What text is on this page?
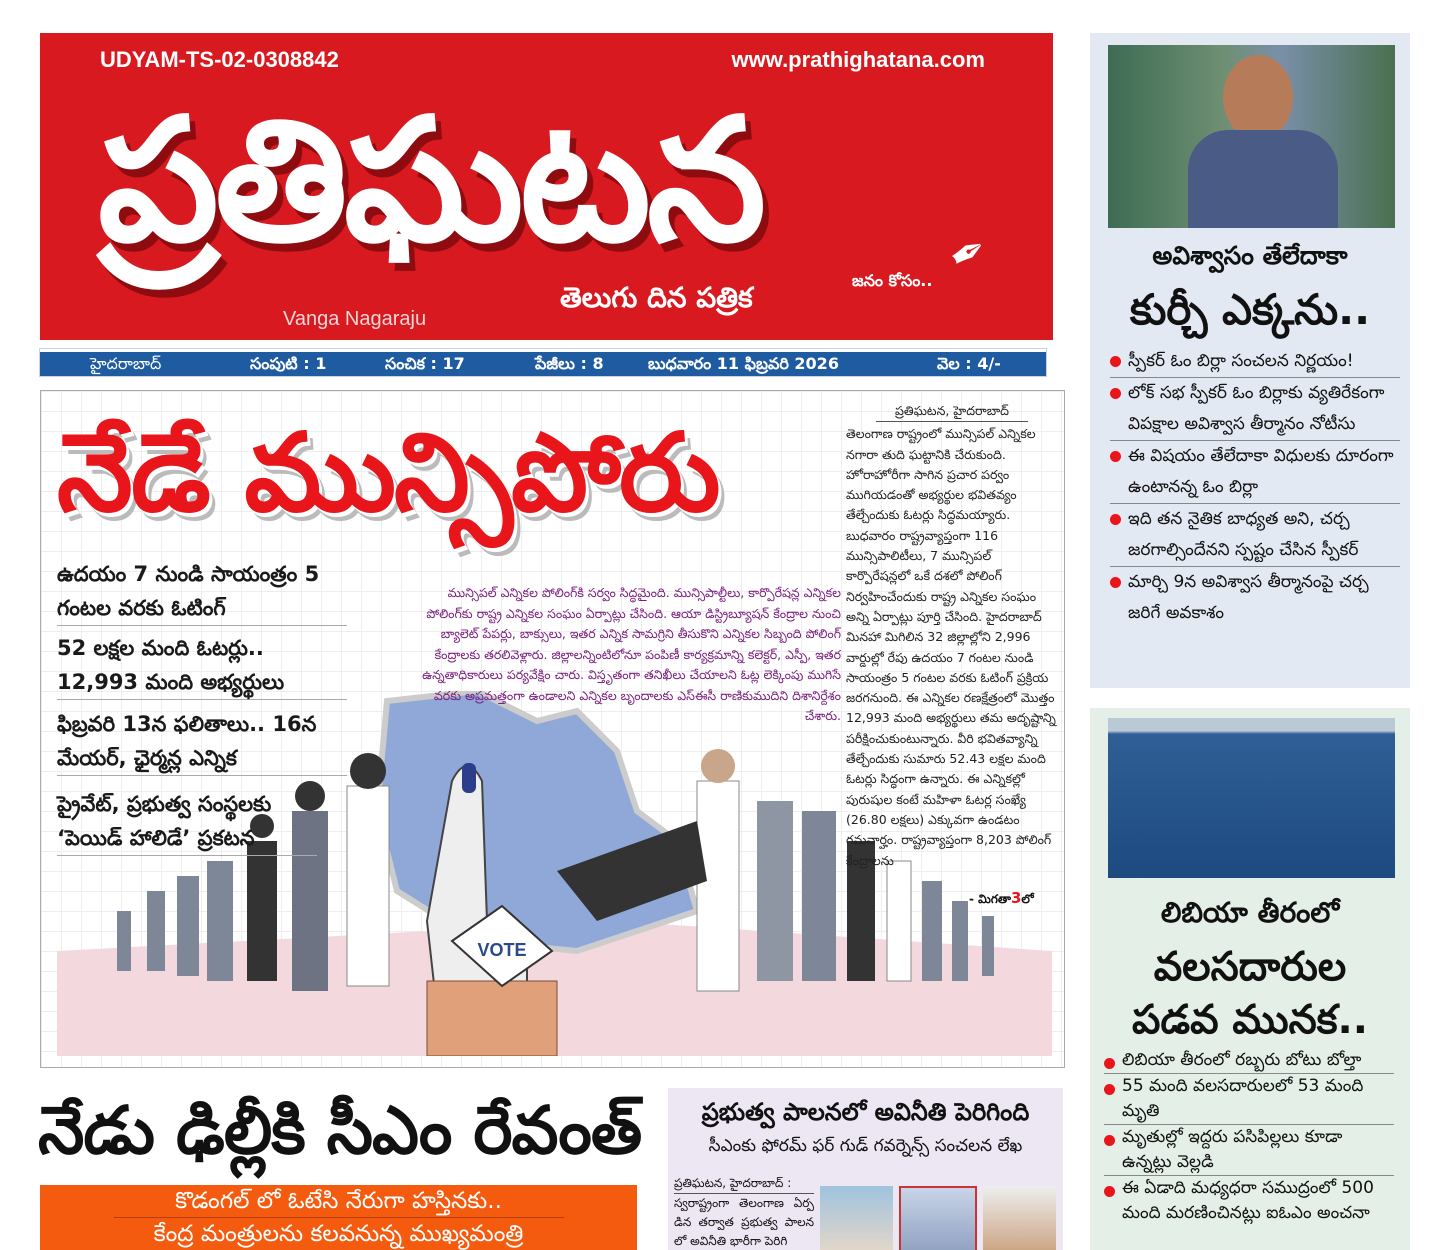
UDYAM-TS-02-0308842	www.prathighatana.com
ప్రతిఘటన
తెలుగు దిన పత్రిక
జనం కోసం.. ✒
Vanga Nagaraju
హైదరాబాద్	సంపుటి : 1	సంచిక : 17	పేజీలు : 8	బుధవారం 11 ఫిబ్రవరి 2026	వెల : 4/-
VOTE
నేడే మున్సిపోరు
ఉదయం 7 నుండి సాయంత్రం 5 గంటల వరకు ఓటింగ్
52 లక్షల మంది ఓటర్లు.. 12,993 మంది అభ్యర్థులు
ఫిబ్రవరి 13న ఫలితాలు.. 16న మేయర్, ఛైర్మన్ల ఎన్నిక
ప్రైవేట్, ప్రభుత్వ సంస్థలకు ‘పెయిడ్ హాలిడే’ ప్రకటన
మున్సిపల్ ఎన్నికల పోలింగ్‌కి సర్వం సిద్ధమైంది. మున్సిపాల్టీలు, కార్పొరేషన్ల ఎన్నికల పోలింగ్‌కు రాష్ట్ర ఎన్నికల సంఘం ఏర్పాట్లు చేసింది. ఆయా డిస్ట్రిబ్యూషన్ కేంద్రాల నుంచి బ్యాలెట్ పేపర్లు, బాక్సులు, ఇతర ఎన్నిక సామగ్రిని తీసుకొని ఎన్నికల సిబ్బంది పోలింగ్ కేంద్రాలకు తరలివెళ్లారు. జిల్లాలన్నింటిలోనూ పంపిణీ కార్యక్రమాన్ని కలెక్టర్, ఎస్పీ, ఇతర ఉన్నతాధికారులు పర్యవేక్షిం చారు. విస్తృతంగా తనిఖీలు చేయాలని ఓట్ల లెక్కింపు ముగిసే వరకు అప్రమత్తంగా ఉండాలని ఎన్నికల బృందాలకు ఎస్ఈసీ రాణికుముదిని దిశానిర్దేశం చేశారు.
ప్రతిఘటన, హైదరాబాద్
తెలంగాణ రాష్ట్రంలో మున్సిపల్ ఎన్నికల నగారా తుది ఘట్టానికి చేరుకుంది. హోరాహోరీగా సాగిన ప్రచార పర్వం ముగియడంతో అభ్యర్థుల భవితవ్యం తేల్చేందుకు ఓటర్లు సిద్ధమయ్యారు. బుధవారం రాష్ట్రవ్యాప్తంగా 116 మున్సిపాలిటీలు, 7 మున్సిపల్ కార్పొరేషన్లలో ఒకే దశలో పోలింగ్ నిర్వహించేందుకు రాష్ట్ర ఎన్నికల సంఘం అన్ని ఏర్పాట్లు పూర్తి చేసింది. హైదరాబాద్ మినహా మిగిలిన 32 జిల్లాల్లోని 2,996 వార్డుల్లో రేపు ఉదయం 7 గంటల నుండి సాయంత్రం 5 గంటల వరకు ఓటింగ్ ప్రక్రియ జరగనుంది. ఈ ఎన్నికల రణక్షేత్రంలో మొత్తం 12,993 మంది అభ్యర్థులు తమ అదృష్టాన్ని పరీక్షించుకుంటున్నారు. వీరి భవితవ్యాన్ని తేల్చేందుకు సుమారు 52.43 లక్షల మంది ఓటర్లు సిద్ధంగా ఉన్నారు. ఈ ఎన్నికల్లో పురుషుల కంటే మహిళా ఓటర్ల సంఖ్యే (26.80 లక్షలు) ఎక్కువగా ఉండటం గమనార్హం. రాష్ట్రవ్యాప్తంగా 8,203 పోలింగ్ కేంద్రాలను
- మిగతా3లో
నేడు ఢిల్లీకి సీఎం రేవంత్
కొడంగల్ లో ఓటేసి నేరుగా హస్తినకు..
కేంద్ర మంత్రులను కలవనున్న ముఖ్యమంత్రి
ప్రభుత్వ పాలనలో అవినీతి పెరిగింది
సీఎంకు ఫోరమ్ ఫర్ గుడ్ గవర్నెన్స్ సంచలన లేఖ
ప్రతిఘటన, హైదరాబాద్ :
స్వరాష్ట్రంగా తెలంగాణ ఏర్ప డిన తర్వాత ప్రభుత్వ పాలన లో అవినీతి భారీగా పెరిగి
అవిశ్వాసం తేలేదాకా
కుర్చీ ఎక్కను..
స్పీకర్ ఓం బిర్లా సంచలన నిర్ణయం!
లోక్ సభ స్పీకర్ ఓం బిర్లాకు వ్యతిరేకంగా విపక్షాల అవిశ్వాస తీర్మానం నోటీసు
ఈ విషయం తేలేదాకా విధులకు దూరంగా ఉంటానన్న ఓం బిర్లా
ఇది తన నైతిక బాధ్యత అని, చర్చ జరగాల్సిందేనని స్పష్టం చేసిన స్పీకర్
మార్చి 9న అవిశ్వాస తీర్మానంపై చర్చ జరిగే అవకాశం
లిబియా తీరంలో
వలసదారుల
పడవ మునక..
లిబియా తీరంలో రబ్బరు బోటు బోల్తా
55 మంది వలసదారులలో 53 మంది మృతి
మృతుల్లో ఇద్దరు పసిపిల్లలు కూడా ఉన్నట్లు వెల్లడి
ఈ ఏడాది మధ్యధరా సముద్రంలో 500 మంది మరణించినట్లు ఐఓఎం అంచనా
